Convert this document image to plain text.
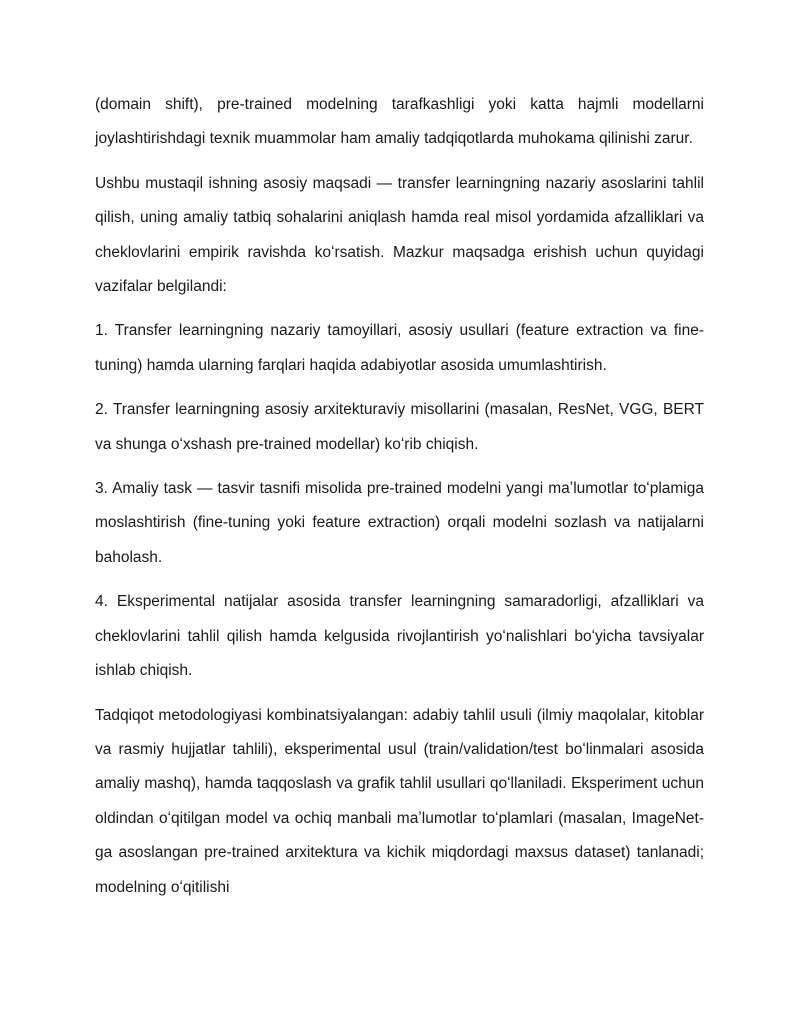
(domain shift), pre-trained modelning tarafkashligi yoki katta hajmli modellarni joylashtirishdagi texnik muammolar ham amaliy tadqiqotlarda muhokama qilinishi zarur.

Ushbu mustaqil ishning asosiy maqsadi — transfer learningning nazariy asoslarini tahlil qilish, uning amaliy tatbiq sohalarini aniqlash hamda real misol yordamida afzalliklari va cheklovlarini empirik ravishda koʻrsatish. Mazkur maqsadga erishish uchun quyidagi vazifalar belgilandi:

1. Transfer learningning nazariy tamoyillari, asosiy usullari (feature extraction va fine-tuning) hamda ularning farqlari haqida adabiyotlar asosida umumlashtirish.

2. Transfer learningning asosiy arxitekturaviy misollarini (masalan, ResNet, VGG, BERT va shunga oʻxshash pre-trained modellar) koʻrib chiqish.

3. Amaliy task — tasvir tasnifi misolida pre-trained modelni yangi maʼlumotlar toʻplamiga moslashtirish (fine-tuning yoki feature extraction) orqali modelni sozlash va natijalarni baholash.

4. Eksperimental natijalar asosida transfer learningning samaradorligi, afzalliklari va cheklovlarini tahlil qilish hamda kelgusida rivojlantirish yoʻnalishlari boʻyicha tavsiyalar ishlab chiqish.

Tadqiqot metodologiyasi kombinatsiyalangan: adabiy tahlil usuli (ilmiy maqolalar, kitoblar va rasmiy hujjatlar tahlili), eksperimental usul (train/validation/test boʻlinmalari asosida amaliy mashq), hamda taqqoslash va grafik tahlil usullari qoʻllaniladi. Eksperiment uchun oldindan oʻqitilgan model va ochiq manbali maʼlumotlar toʻplamlari (masalan, ImageNet-ga asoslangan pre-trained arxitektura va kichik miqdordagi maxsus dataset) tanlanadi; modelning oʻqitilishi
